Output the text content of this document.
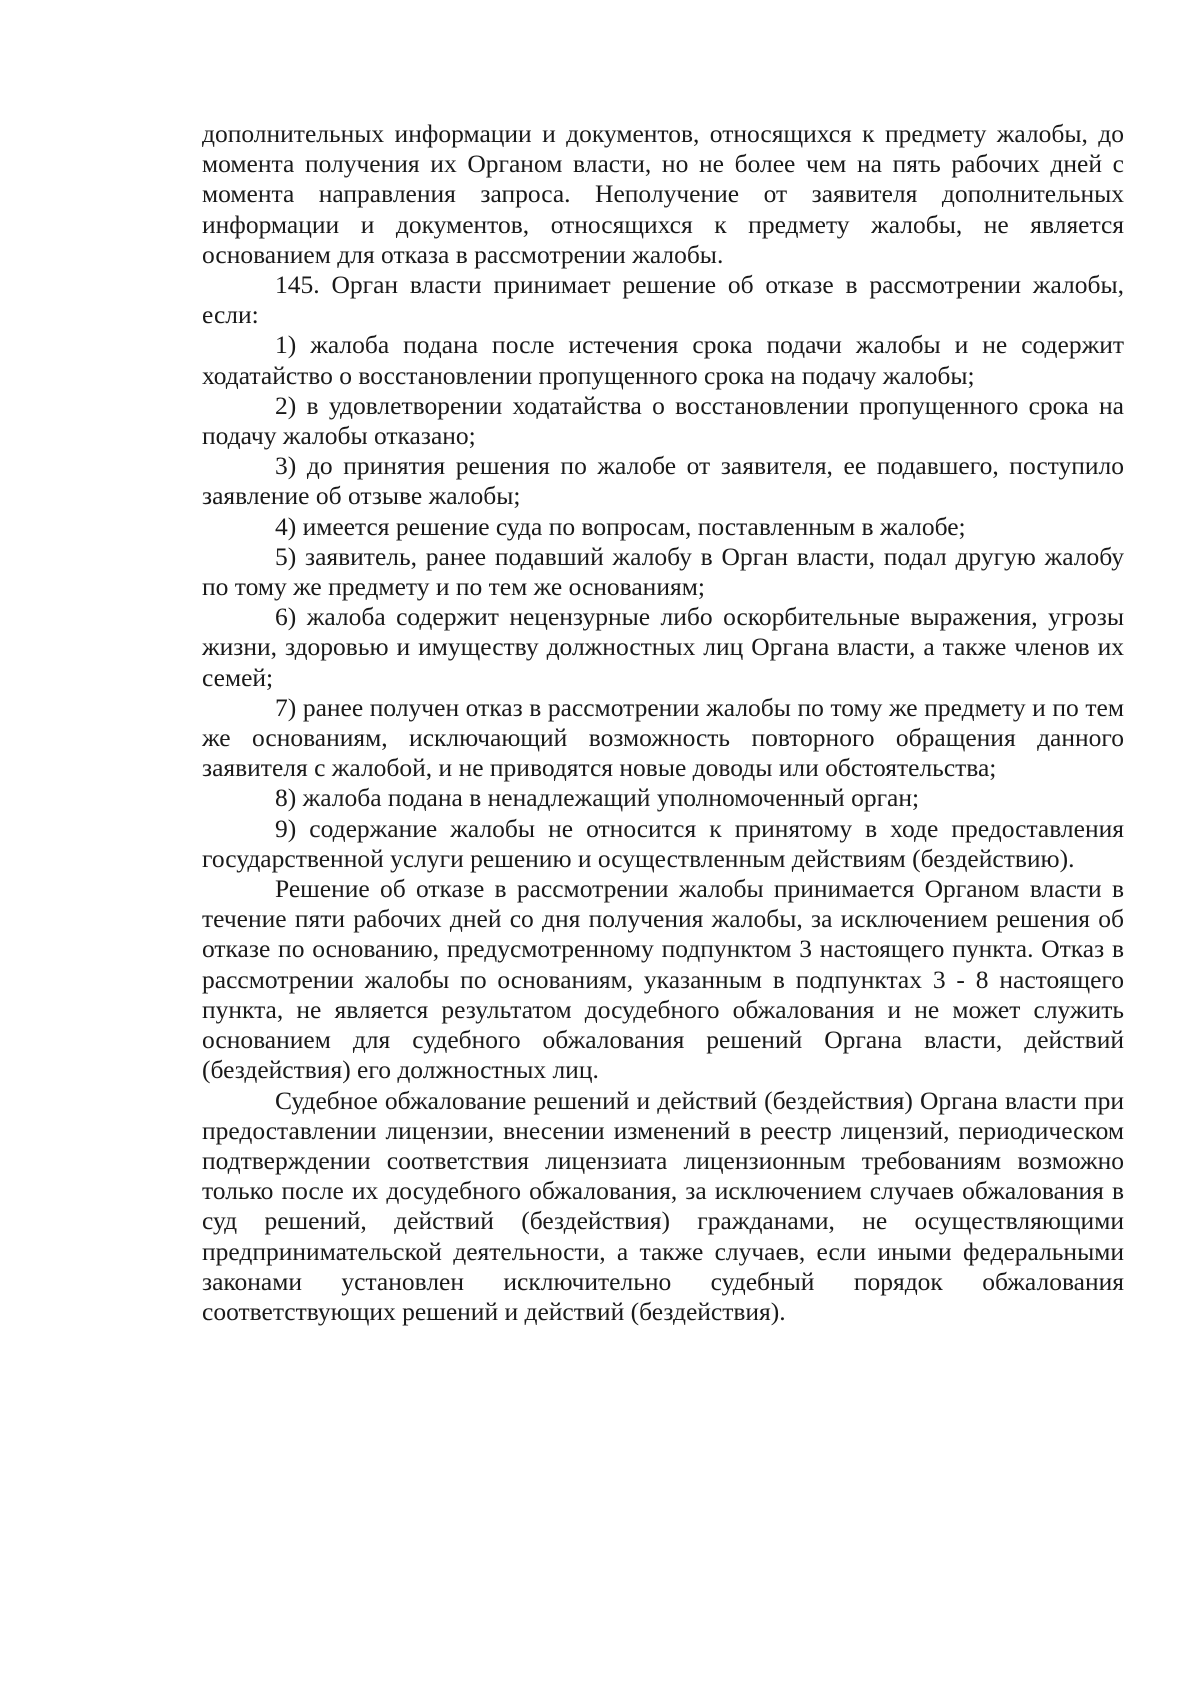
дополнительных информации и документов, относящихся к предмету жалобы, до момента получения их Органом власти, но не более чем на пять рабочих дней с момента направления запроса. Неполучение от заявителя дополнительных информации и документов, относящихся к предмету жалобы, не является основанием для отказа в рассмотрении жалобы.

145. Орган власти принимает решение об отказе в рассмотрении жалобы, если:

1) жалоба подана после истечения срока подачи жалобы и не содержит ходатайство о восстановлении пропущенного срока на подачу жалобы;

2) в удовлетворении ходатайства о восстановлении пропущенного срока на подачу жалобы отказано;

3) до принятия решения по жалобе от заявителя, ее подавшего, поступило заявление об отзыве жалобы;

4) имеется решение суда по вопросам, поставленным в жалобе;

5) заявитель, ранее подавший жалобу в Орган власти, подал другую жалобу по тому же предмету и по тем же основаниям;

6) жалоба содержит нецензурные либо оскорбительные выражения, угрозы жизни, здоровью и имуществу должностных лиц Органа власти, а также членов их семей;

7) ранее получен отказ в рассмотрении жалобы по тому же предмету и по тем же основаниям, исключающий возможность повторного обращения данного заявителя с жалобой, и не приводятся новые доводы или обстоятельства;

8) жалоба подана в ненадлежащий уполномоченный орган;

9) содержание жалобы не относится к принятому в ходе предоставления государственной услуги решению и осуществленным действиям (бездействию).

Решение об отказе в рассмотрении жалобы принимается Органом власти в течение пяти рабочих дней со дня получения жалобы, за исключением решения об отказе по основанию, предусмотренному подпунктом 3 настоящего пункта. Отказ в рассмотрении жалобы по основаниям, указанным в подпунктах 3 - 8 настоящего пункта, не является результатом досудебного обжалования и не может служить основанием для судебного обжалования решений Органа власти, действий (бездействия) его должностных лиц.

Судебное обжалование решений и действий (бездействия) Органа власти при предоставлении лицензии, внесении изменений в реестр лицензий, периодическом подтверждении соответствия лицензиата лицензионным требованиям возможно только после их досудебного обжалования, за исключением случаев обжалования в суд решений, действий (бездействия) гражданами, не осуществляющими предпринимательской деятельности, а также случаев, если иными федеральными законами установлен исключительно судебный порядок обжалования соответствующих решений и действий (бездействия).
